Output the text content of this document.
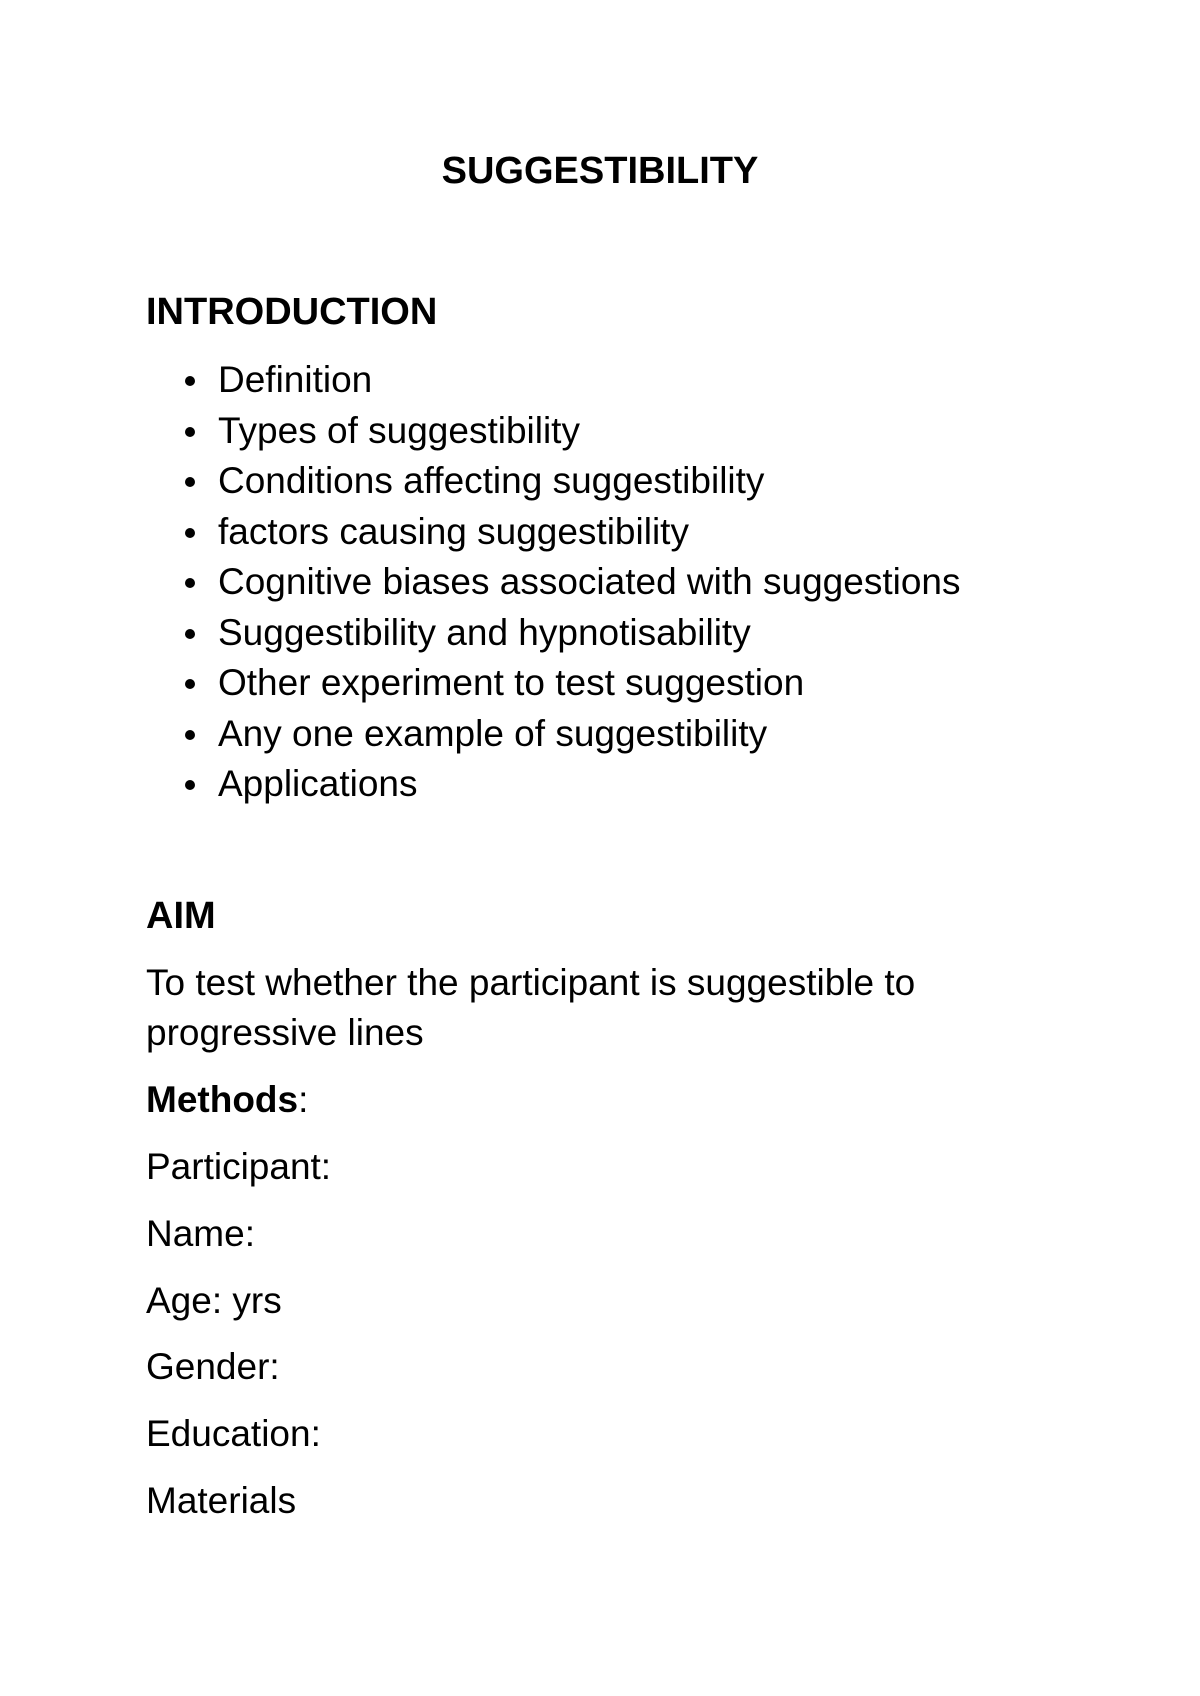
SUGGESTIBILITY
INTRODUCTION
Definition
Types of suggestibility
Conditions affecting suggestibility
factors causing suggestibility
Cognitive biases associated with suggestions
Suggestibility and hypnotisability
Other experiment to test suggestion
Any one example of suggestibility
Applications
AIM
To test whether the participant is suggestible to
progressive lines
Methods:
Participant:
Name:
Age: yrs
Gender:
Education:
Materials
